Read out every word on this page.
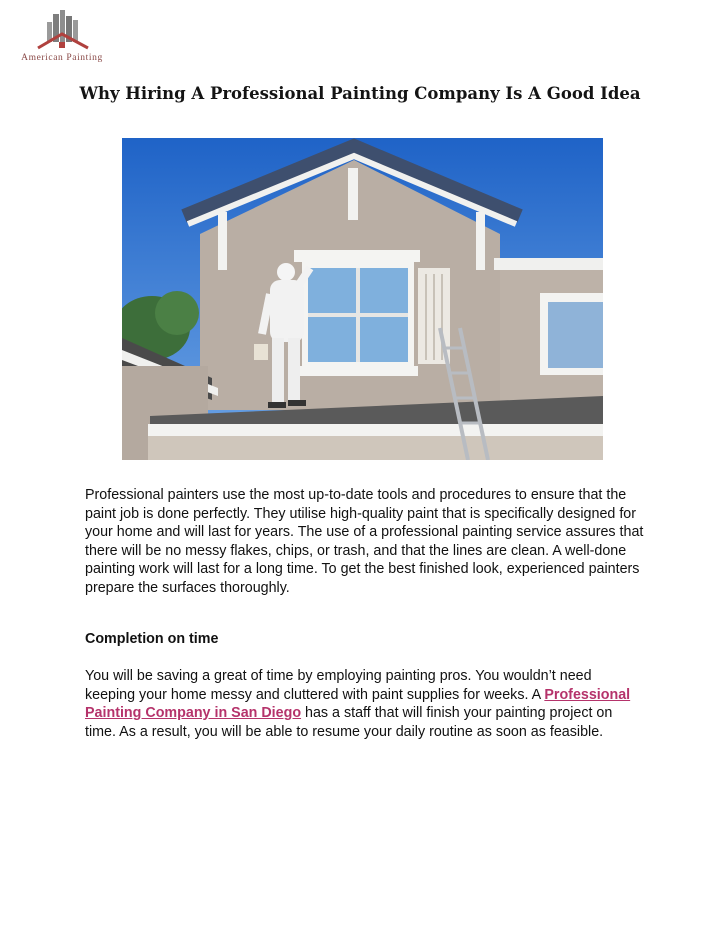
American Painting
Why Hiring A Professional Painting Company Is A Good Idea

Professional painters use the most up-to-date tools and procedures to ensure that the paint job is done perfectly. They utilise high-quality paint that is specifically designed for your home and will last for years. The use of a professional painting service assures that there will be no messy flakes, chips, or trash, and that the lines are clean. A well-done painting work will last for a long time. To get the best finished look, experienced painters prepare the surfaces thoroughly.

Completion on time

You will be saving a great of time by employing painting pros. You wouldn’t need keeping your home messy and cluttered with paint supplies for weeks. A Professional Painting Company in San Diego has a staff that will finish your painting project on time. As a result, you will be able to resume your daily routine as soon as feasible.
